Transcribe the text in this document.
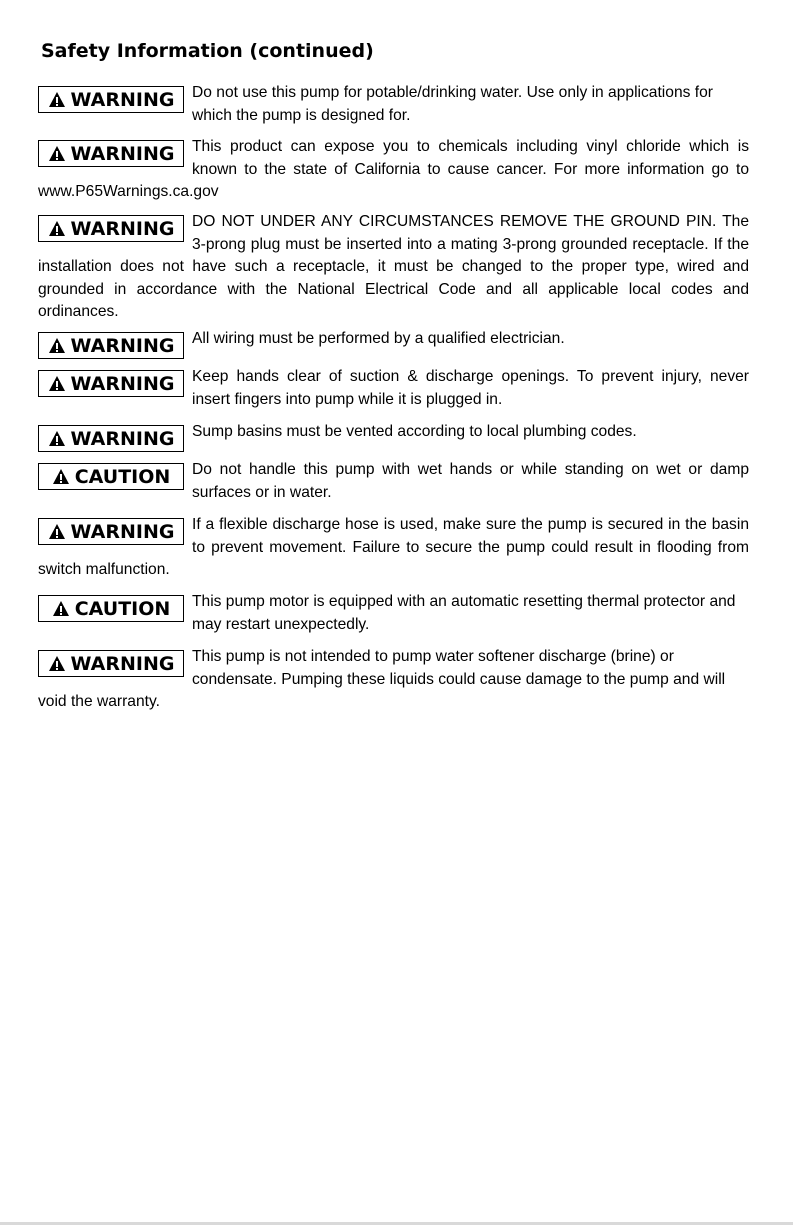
Safety Information (continued)
WARNING	Do not use this pump for potable/drinking water. Use only in applications for which the pump is designed for.
WARNING	This product can expose you to chemicals including vinyl chloride which is known to the state of California to cause cancer. For more information go to www.P65Warnings.ca.gov
WARNING	DO NOT UNDER ANY CIRCUMSTANCES REMOVE THE GROUND PIN. The 3-prong plug must be inserted into a mating 3-prong grounded receptacle. If the installation does not have such a receptacle, it must be changed to the proper type, wired and grounded in accordance with the National Electrical Code and all applicable local codes and ordinances.
WARNING	All wiring must be performed by a qualified electrician.
WARNING	Keep hands clear of suction & discharge openings. To prevent injury, never insert fingers into pump while it is plugged in.
WARNING	Sump basins must be vented according to local plumbing codes.
CAUTION	Do not handle this pump with wet hands or while standing on wet or damp surfaces or in water.
WARNING	If a flexible discharge hose is used, make sure the pump is secured in the basin to prevent movement. Failure to secure the pump could result in flooding from switch malfunction.
CAUTION	This pump motor is equipped with an automatic resetting thermal protector and may restart unexpectedly.
WARNING	This pump is not intended to pump water softener discharge (brine) or condensate. Pumping these liquids could cause damage to the pump and will void the warranty.
